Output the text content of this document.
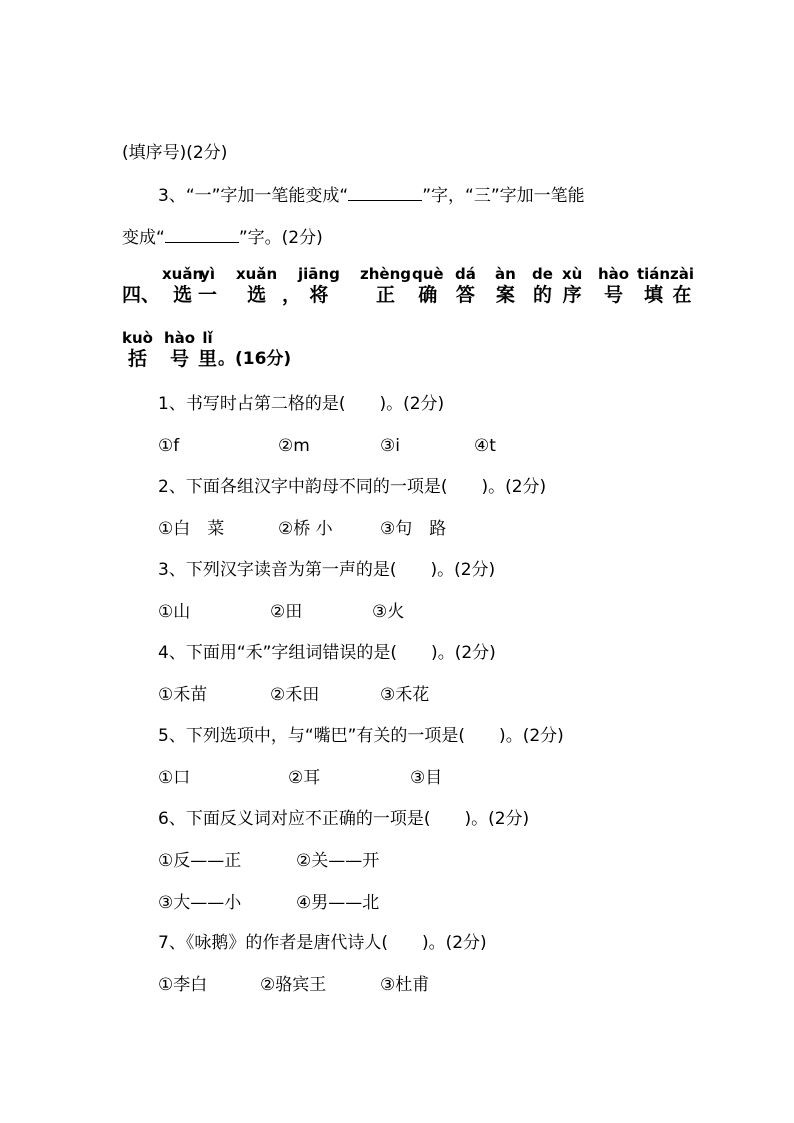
(填序号)(2分)
3、“一”字加一笔能变成“	”字，“三”字加一笔能
变成“	”字。(2分)

四、
xuǎn
选
yì
一
xuǎn
选
，
jiāng
将
zhèng
正
què
确
dá
答
àn
案
de
的
xù
序
hào
号
tián
填
zài
在
kuò
括
hào
号
lǐ
里 。(16分)
1、书写时占第二格的是(　　)。(2分)
①f	②m	③i	④t
2、下面各组汉字中韵母不同的一项是(　　)。(2分)
①白　菜	②桥 小	③句　路
3、下列汉字读音为第一声的是(　　)。(2分)
①山	②田	③火
4、下面用“禾”字组词错误的是(　　)。(2分)
①禾苗	②禾田	③禾花
5、下列选项中，与“嘴巴”有关的一项是(　　)。(2分)
①口	②耳	③目
6、下面反义词对应不正确的一项是(　　)。(2分)
①反——正	②关——开
③大——小	④男——北
7、《咏鹅》的作者是唐代诗人(　　)。(2分)
①李白	②骆宾王	③杜甫
